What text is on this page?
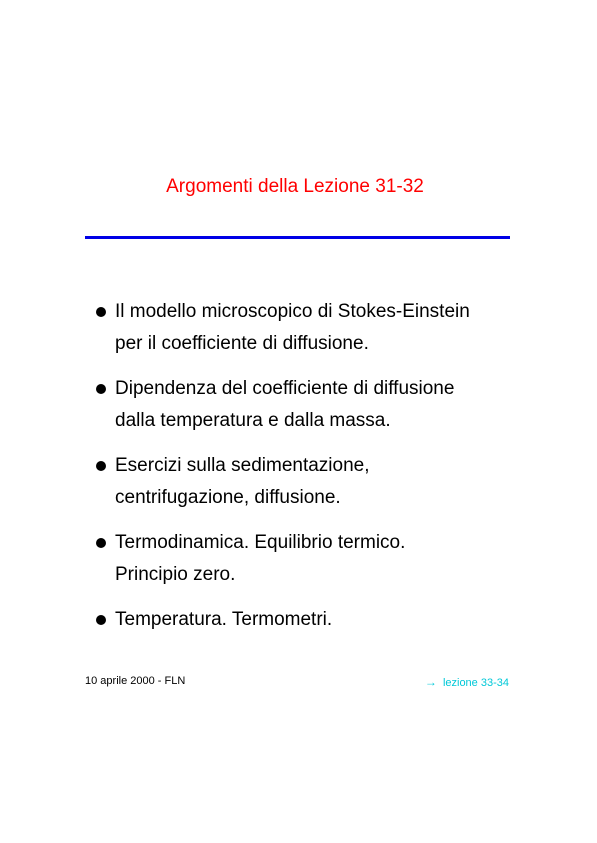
Argomenti della Lezione 31-32
Il modello microscopico di Stokes-Einstein
per il coefficiente di diffusione.
Dipendenza del coefficiente di diffusione
dalla temperatura e dalla massa.
Esercizi sulla sedimentazione,
centrifugazione, diffusione.
Termodinamica. Equilibrio termico.
Principio zero.
Temperatura. Termometri.
10 aprile 2000 - FLN	→ lezione 33-34
